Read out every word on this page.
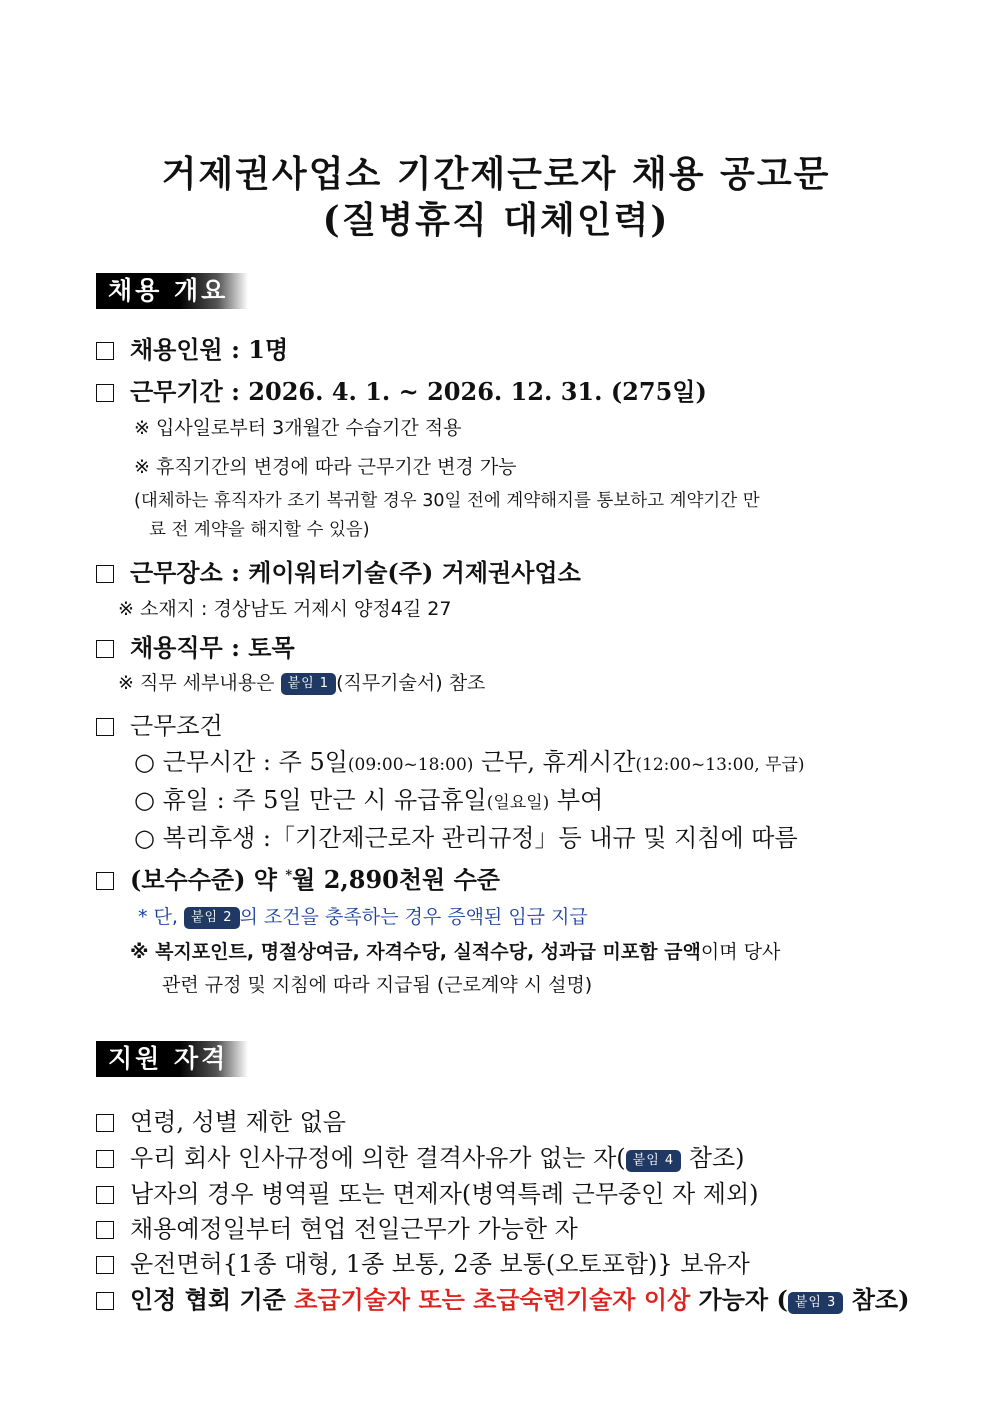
거제권사업소 기간제근로자 채용 공고문
(질병휴직 대체인력)
채용 개요
채용인원 : 1명
근무기간 : 2026. 4. 1. ~ 2026. 12. 31. (275일)
※ 입사일로부터 3개월간 수습기간 적용
※ 휴직기간의 변경에 따라 근무기간 변경 가능
(대체하는 휴직자가 조기 복귀할 경우 30일 전에 계약해지를 통보하고 계약기간 만
료 전 계약을 해지할 수 있음)
근무장소 : 케이워터기술(주) 거제권사업소
※ 소재지 : 경상남도 거제시 양정4길 27
채용직무 : 토목
※ 직무 세부내용은 붙임 1 (직무기술서) 참조
근무조건
○ 근무시간 : 주 5일(09:00~18:00) 근무, 휴게시간(12:00~13:00, 무급)
○ 휴일 : 주 5일 만근 시 유급휴일(일요일) 부여
○ 복리후생 :「기간제근로자 관리규정」등 내규 및 지침에 따름
(보수수준) 약 *월 2,890천원 수준
* 단, 붙임 2 의 조건을 충족하는 경우 증액된 임금 지급
※ 복지포인트, 명절상여금, 자격수당, 실적수당, 성과급 미포함 금액이며 당사
관련 규정 및 지침에 따라 지급됨 (근로계약 시 설명)
지원 자격
연령, 성별 제한 없음
우리 회사 인사규정에 의한 결격사유가 없는 자( 붙임 4 참조)
남자의 경우 병역필 또는 면제자(병역특례 근무중인 자 제외)
채용예정일부터 현업 전일근무가 가능한 자
운전면허{1종 대형, 1종 보통, 2종 보통(오토포함)} 보유자
인정 협회 기준 초급기술자 또는 초급숙련기술자 이상 가능자 ( 붙임 3 참조)
